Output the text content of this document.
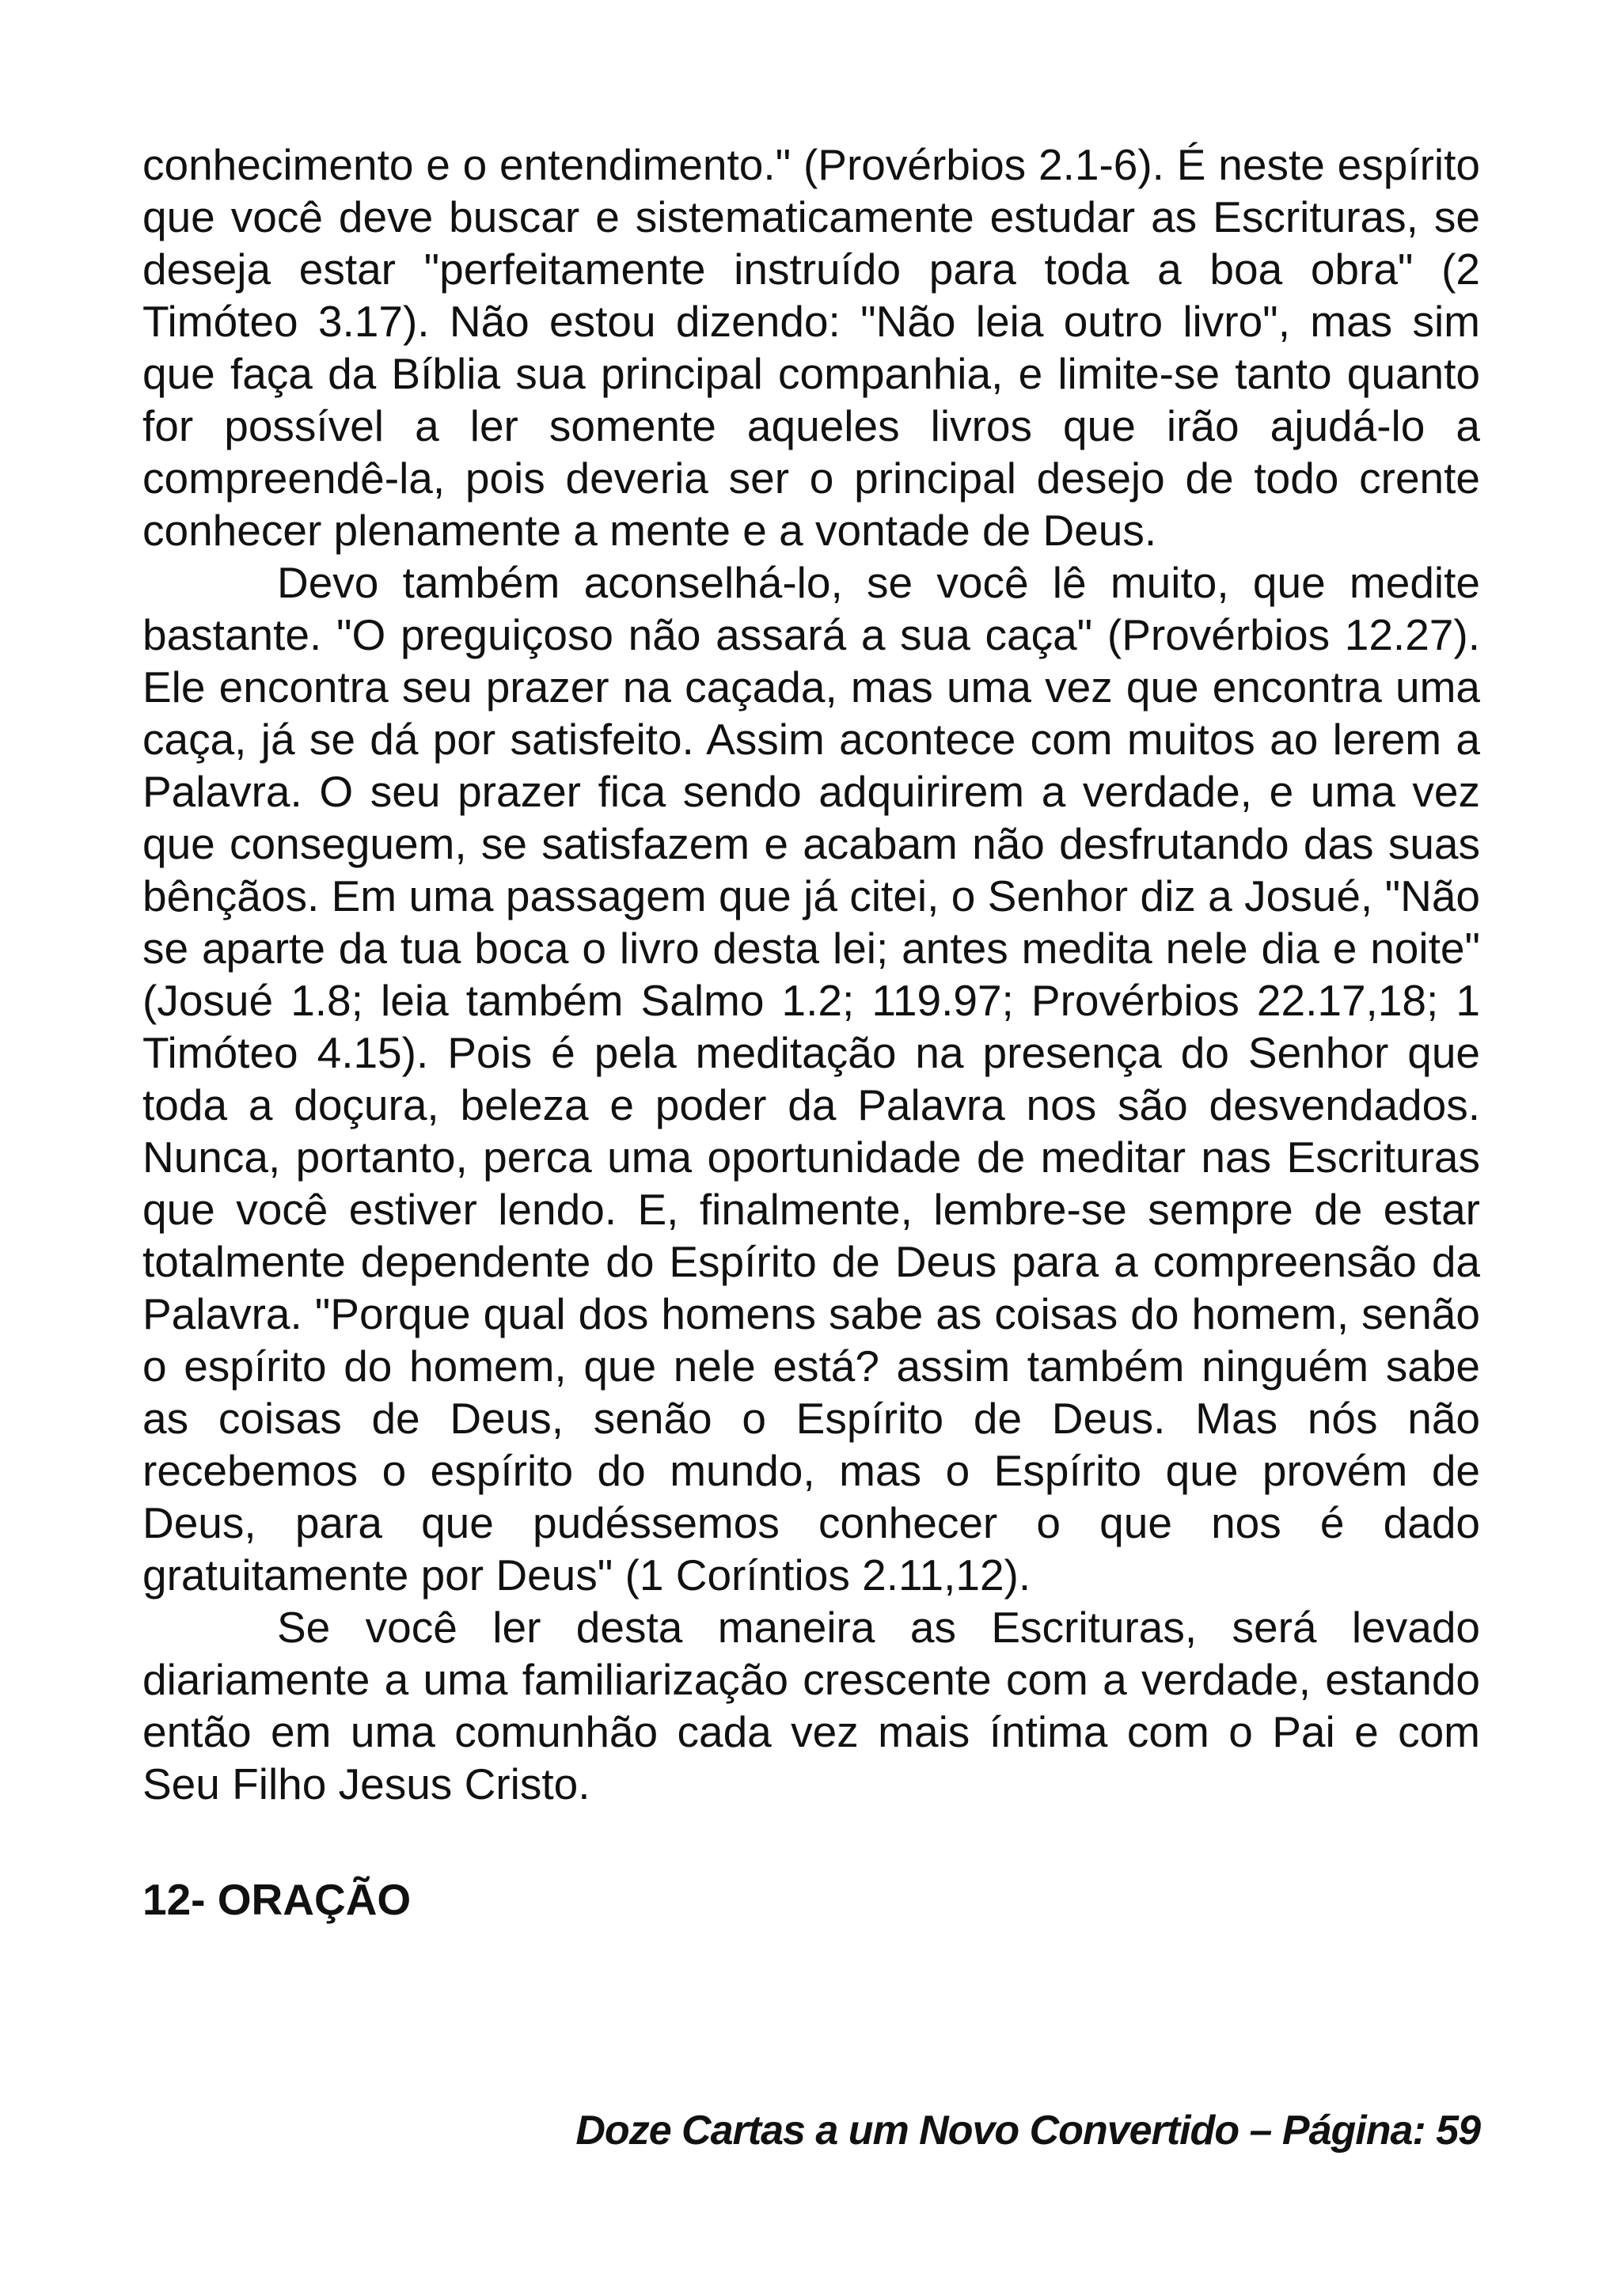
conhecimento e o entendimento." (Provérbios 2.1-6). É neste espírito que você deve buscar e sistematicamente estudar as Escrituras, se deseja estar "perfeitamente instruído para toda a boa obra" (2 Timóteo 3.17). Não estou dizendo: "Não leia outro livro", mas sim que faça da Bíblia sua principal companhia, e limite-se tanto quanto for possível a ler somente aqueles livros que irão ajudá-lo a compreendê-la, pois deveria ser o principal desejo de todo crente conhecer plenamente a mente e a vontade de Deus.

Devo também aconselhá-lo, se você lê muito, que medite bastante. "O preguiçoso não assará a sua caça" (Provérbios 12.27). Ele encontra seu prazer na caçada, mas uma vez que encontra uma caça, já se dá por satisfeito. Assim acontece com muitos ao lerem a Palavra. O seu prazer fica sendo adquirirem a verdade, e uma vez que conseguem, se satisfazem e acabam não desfrutando das suas bênçãos. Em uma passagem que já citei, o Senhor diz a Josué, "Não se aparte da tua boca o livro desta lei; antes medita nele dia e noite" (Josué 1.8; leia também Salmo 1.2; 119.97; Provérbios 22.17,18; 1 Timóteo 4.15). Pois é pela meditação na presença do Senhor que toda a doçura, beleza e poder da Palavra nos são desvendados. Nunca, portanto, perca uma oportunidade de meditar nas Escrituras que você estiver lendo. E, finalmente, lembre-se sempre de estar totalmente dependente do Espírito de Deus para a compreensão da Palavra. "Porque qual dos homens sabe as coisas do homem, senão o espírito do homem, que nele está? assim também ninguém sabe as coisas de Deus, senão o Espírito de Deus. Mas nós não recebemos o espírito do mundo, mas o Espírito que provém de Deus, para que pudéssemos conhecer o que nos é dado gratuitamente por Deus" (1 Coríntios 2.11,12).

Se você ler desta maneira as Escrituras, será levado diariamente a uma familiarização crescente com a verdade, estando então em uma comunhão cada vez mais íntima com o Pai e com Seu Filho Jesus Cristo.

12- ORAÇÃO
Doze Cartas a um Novo Convertido – Página: 59
